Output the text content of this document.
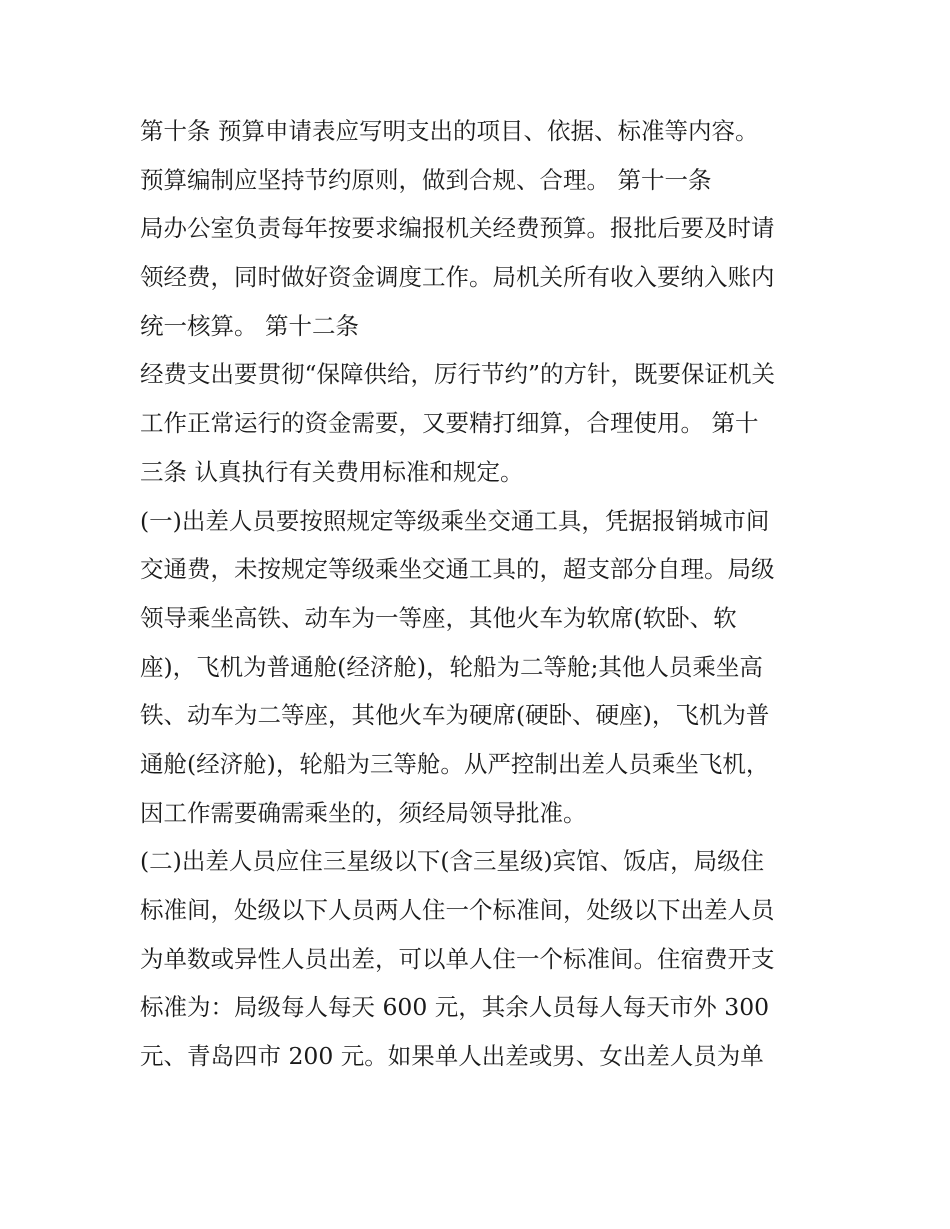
第十条 预算申请表应写明支出的项目、依据、标准等内容。
预算编制应坚持节约原则，做到合规、合理。 第十一条
局办公室负责每年按要求编报机关经费预算。报批后要及时请
领经费，同时做好资金调度工作。局机关所有收入要纳入账内
统一核算。 第十二条
经费支出要贯彻“保障供给，厉行节约”的方针，既要保证机关
工作正常运行的资金需要，又要精打细算，合理使用。 第十
三条 认真执行有关费用标准和规定。
(一)出差人员要按照规定等级乘坐交通工具，凭据报销城市间
交通费，未按规定等级乘坐交通工具的，超支部分自理。局级
领导乘坐高铁、动车为一等座，其他火车为软席(软卧、软
座)，飞机为普通舱(经济舱)，轮船为二等舱;其他人员乘坐高
铁、动车为二等座，其他火车为硬席(硬卧、硬座)，飞机为普
通舱(经济舱)，轮船为三等舱。从严控制出差人员乘坐飞机，
因工作需要确需乘坐的，须经局领导批准。
(二)出差人员应住三星级以下(含三星级)宾馆、饭店，局级住
标准间，处级以下人员两人住一个标准间，处级以下出差人员
为单数或异性人员出差，可以单人住一个标准间。住宿费开支
标准为：局级每人每天 600 元，其余人员每人每天市外 300
元、青岛四市 200 元。如果单人出差或男、女出差人员为单
